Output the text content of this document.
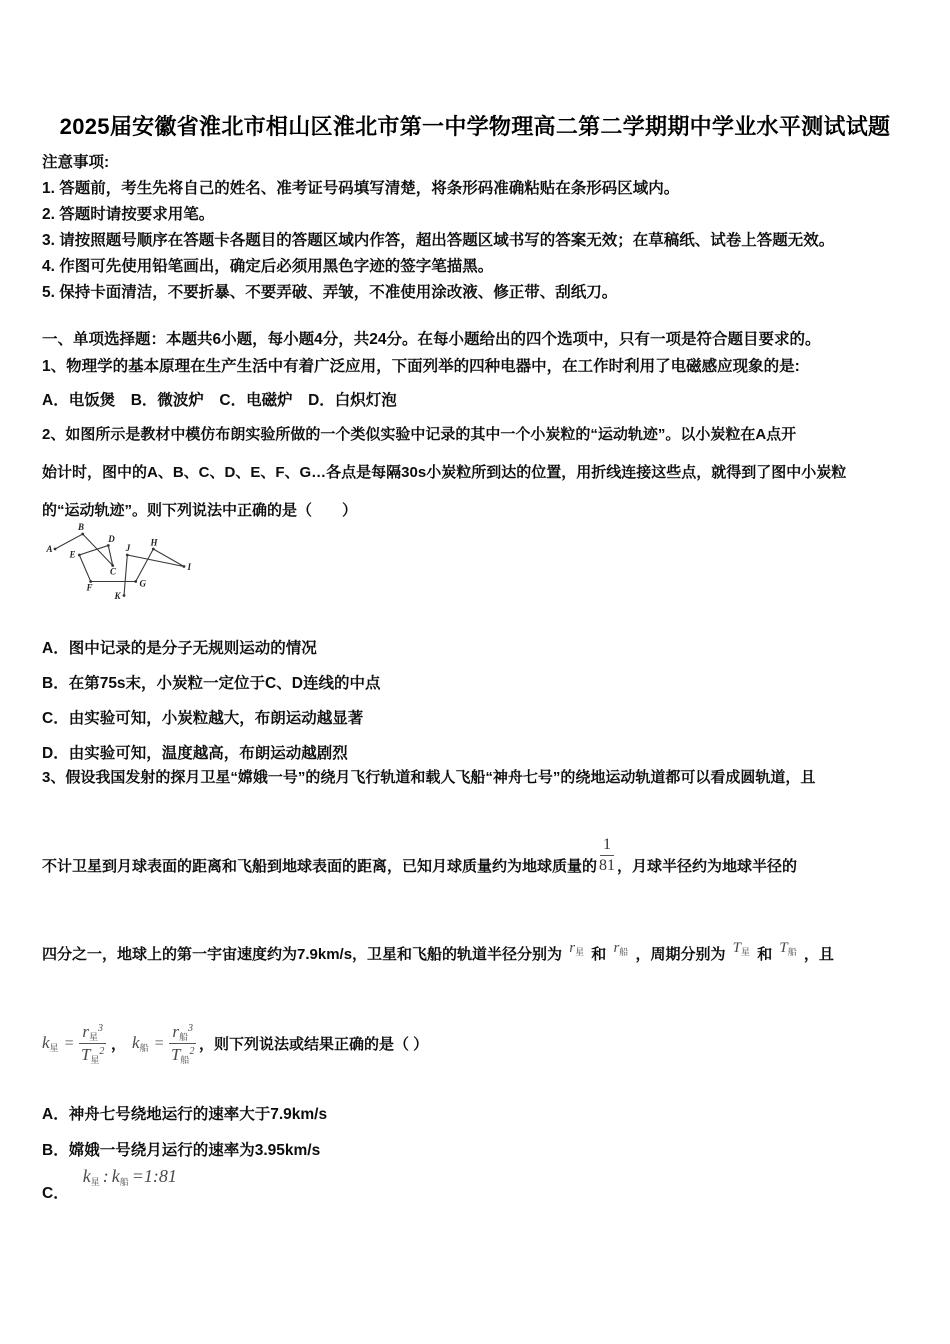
2025届安徽省淮北市相山区淮北市第一中学物理高二第二学期期中学业水平测试试题
注意事项:
1. 答题前，考生先将自己的姓名、准考证号码填写清楚，将条形码准确粘贴在条形码区域内。
2. 答题时请按要求用笔。
3. 请按照题号顺序在答题卡各题目的答题区域内作答，超出答题区域书写的答案无效；在草稿纸、试卷上答题无效。
4. 作图可先使用铅笔画出，确定后必须用黑色字迹的签字笔描黑。
5. 保持卡面清洁，不要折暴、不要弄破、弄皱，不准使用涂改液、修正带、刮纸刀。
一、单项选择题：本题共6小题，每小题4分，共24分。在每小题给出的四个选项中，只有一项是符合题目要求的。
1、物理学的基本原理在生产生活中有着广泛应用，下面列举的四种电器中，在工作时利用了电磁感应现象的是:
A．电饭煲　B．微波炉　C．电磁炉　D．白炽灯泡
2、如图所示是教材中模仿布朗实验所做的一个类似实验中记录的其中一个小炭粒的“运动轨迹”。以小炭粒在A点开
始计时，图中的A、B、C、D、E、F、G…各点是每隔30s小炭粒所到达的位置，用折线连接这些点，就得到了图中小炭粒
的“运动轨迹”。则下列说法中正确的是（　　）
A
B
C
D
E
F	G
H
I
J
K
A．图中记录的是分子无规则运动的情况
B．在第75s末，小炭粒一定位于C、D连线的中点
C．由实验可知，小炭粒越大，布朗运动越显著
D．由实验可知，温度越高，布朗运动越剧烈
3、假设我国发射的探月卫星“嫦娥一号”的绕月飞行轨道和载人飞船“神舟七号”的绕地运动轨道都可以看成圆轨道，且
不计卫星到月球表面的距离和飞船到地球表面的距离，已知月球质量约为地球质量的 $\frac{1}{81}$ ，月球半径约为地球半径的
四分之一，地球上的第一宇宙速度约为7.9km/s，卫星和飞船的轨道半径分别为 $r_星$ 和 $r_船$ ，周期分别为 $T_星$ 和 $T_船$ ，且
$k_星 = \frac{r_星^3}{T_星^2}$ ， $k_船 = \frac{r_船^3}{T_船^2}$ ，则下列说法或结果正确的是（ ）
A．神舟七号绕地运行的速率大于7.9km/s
B．嫦娥一号绕月运行的速率为3.95km/s
C．
$k_星$ : $k_船$ =1:81
